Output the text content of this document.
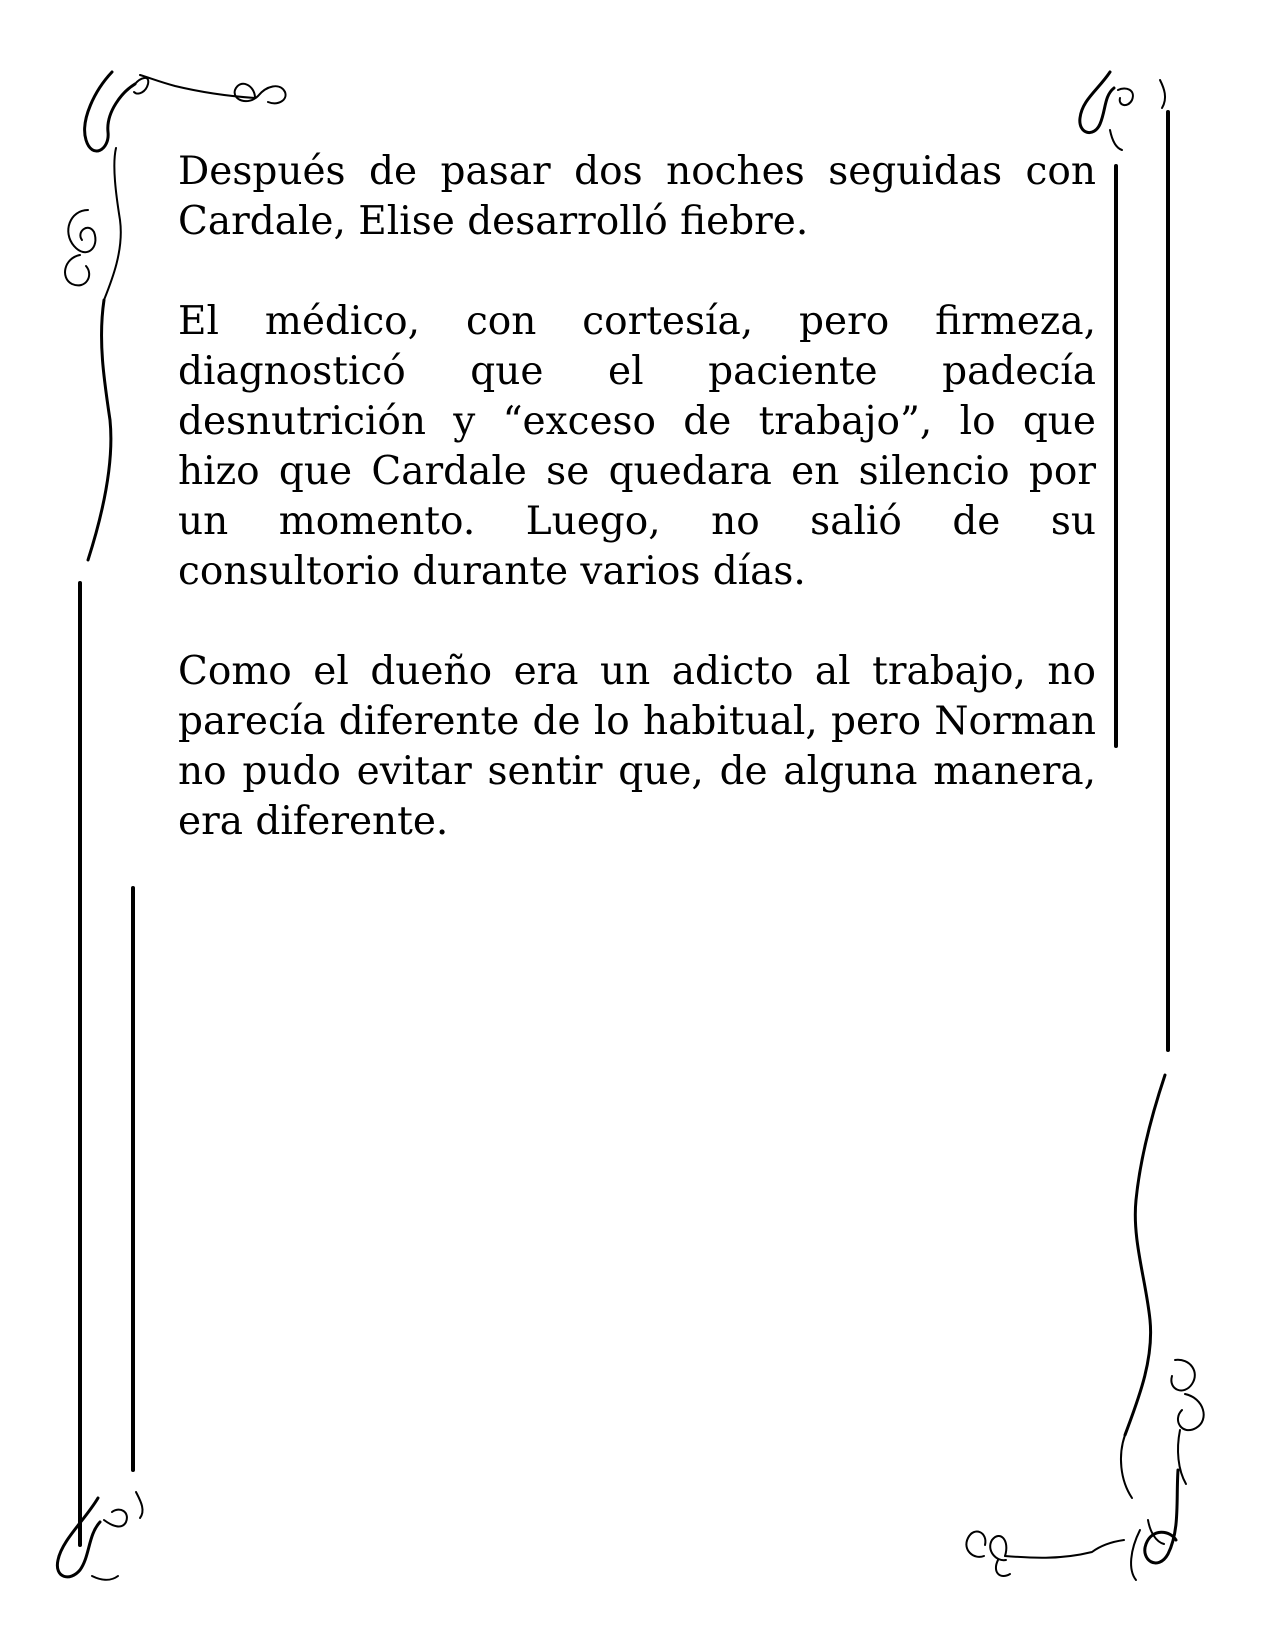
Después de pasar dos noches seguidas con Cardale, Elise desarrolló fiebre.

El médico, con cortesía, pero firmeza, diagnosticó que el paciente padecía desnutrición y “exceso de trabajo”, lo que hizo que Cardale se quedara en silencio por un momento. Luego, no salió de su consultorio durante varios días.

Como el dueño era un adicto al trabajo, no parecía diferente de lo habitual, pero Norman no pudo evitar sentir que, de alguna manera, era diferente.
